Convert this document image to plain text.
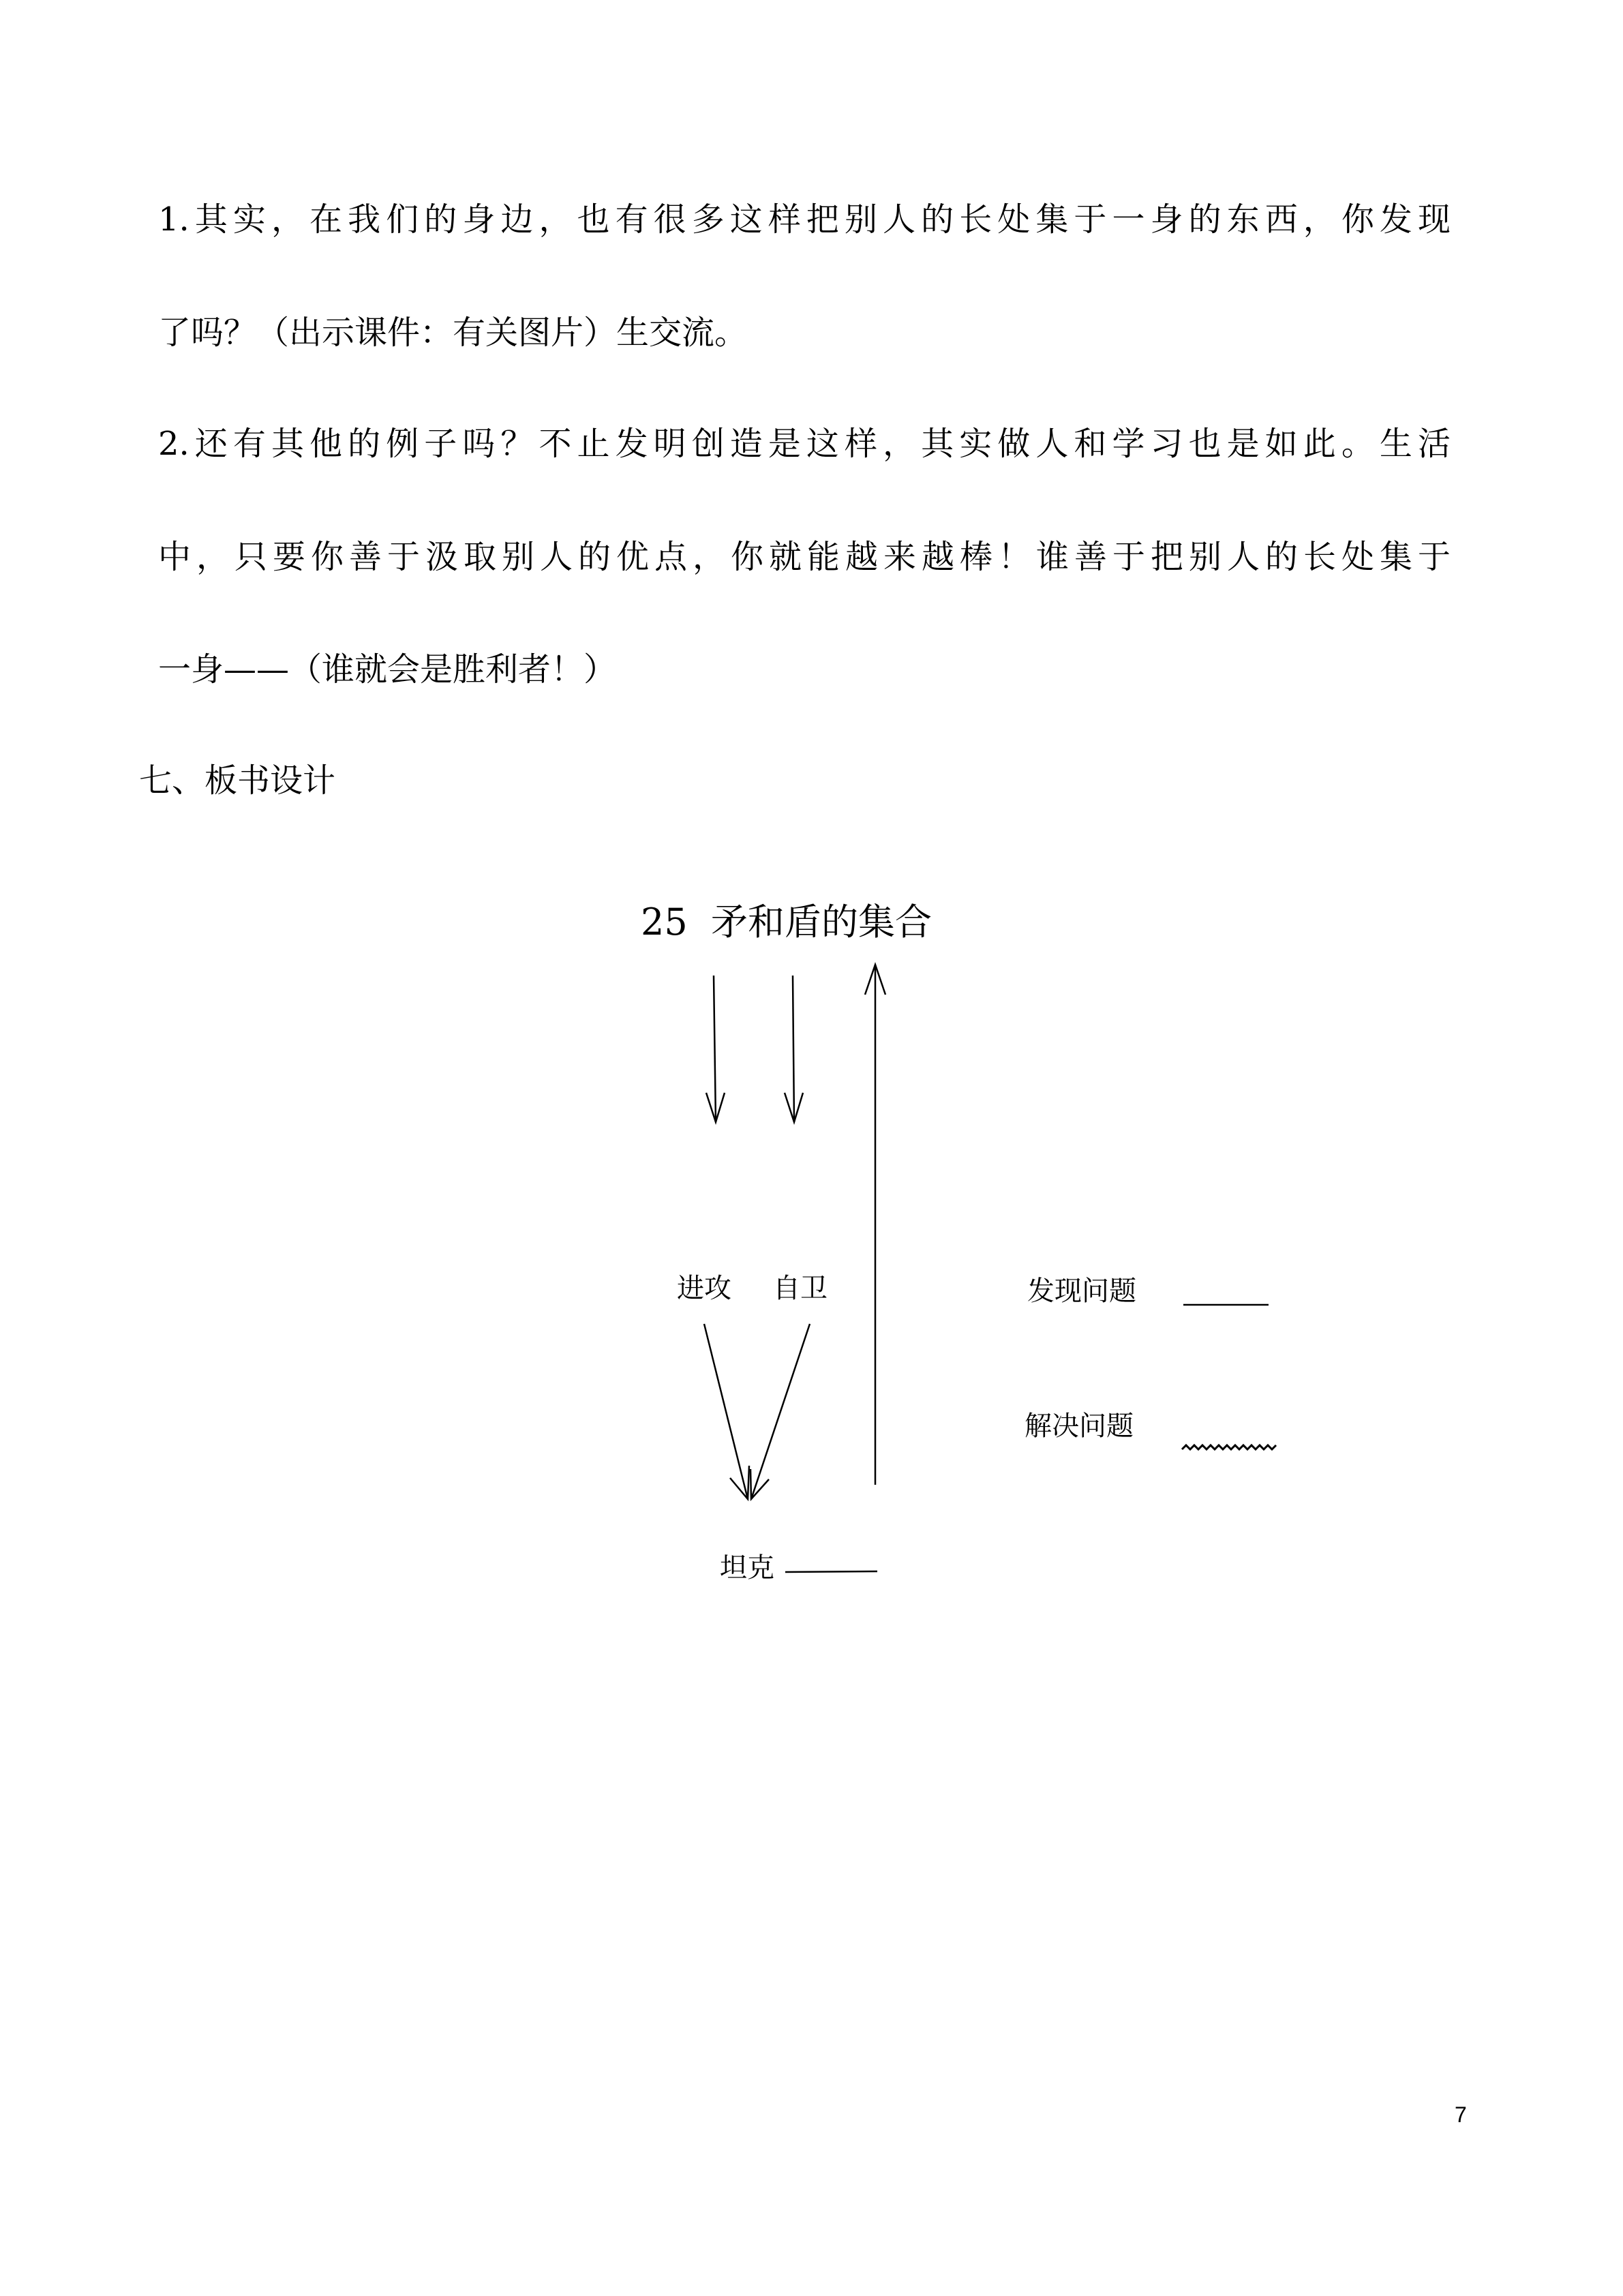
1.其实，在我们的身边，也有很多这样把别人的长处集于一身的东西，你发现
了吗？（出示课件：有关图片）生交流。
2.还有其他的例子吗？不止发明创造是这样，其实做人和学习也是如此。生活
中，只要你善于汲取别人的优点，你就能越来越棒！谁善于把别人的长处集于
一身——（谁就会是胜利者！）
七、板书设计
25  矛和盾的集合
进攻 自卫
坦克
发现问题
解决问题
7
